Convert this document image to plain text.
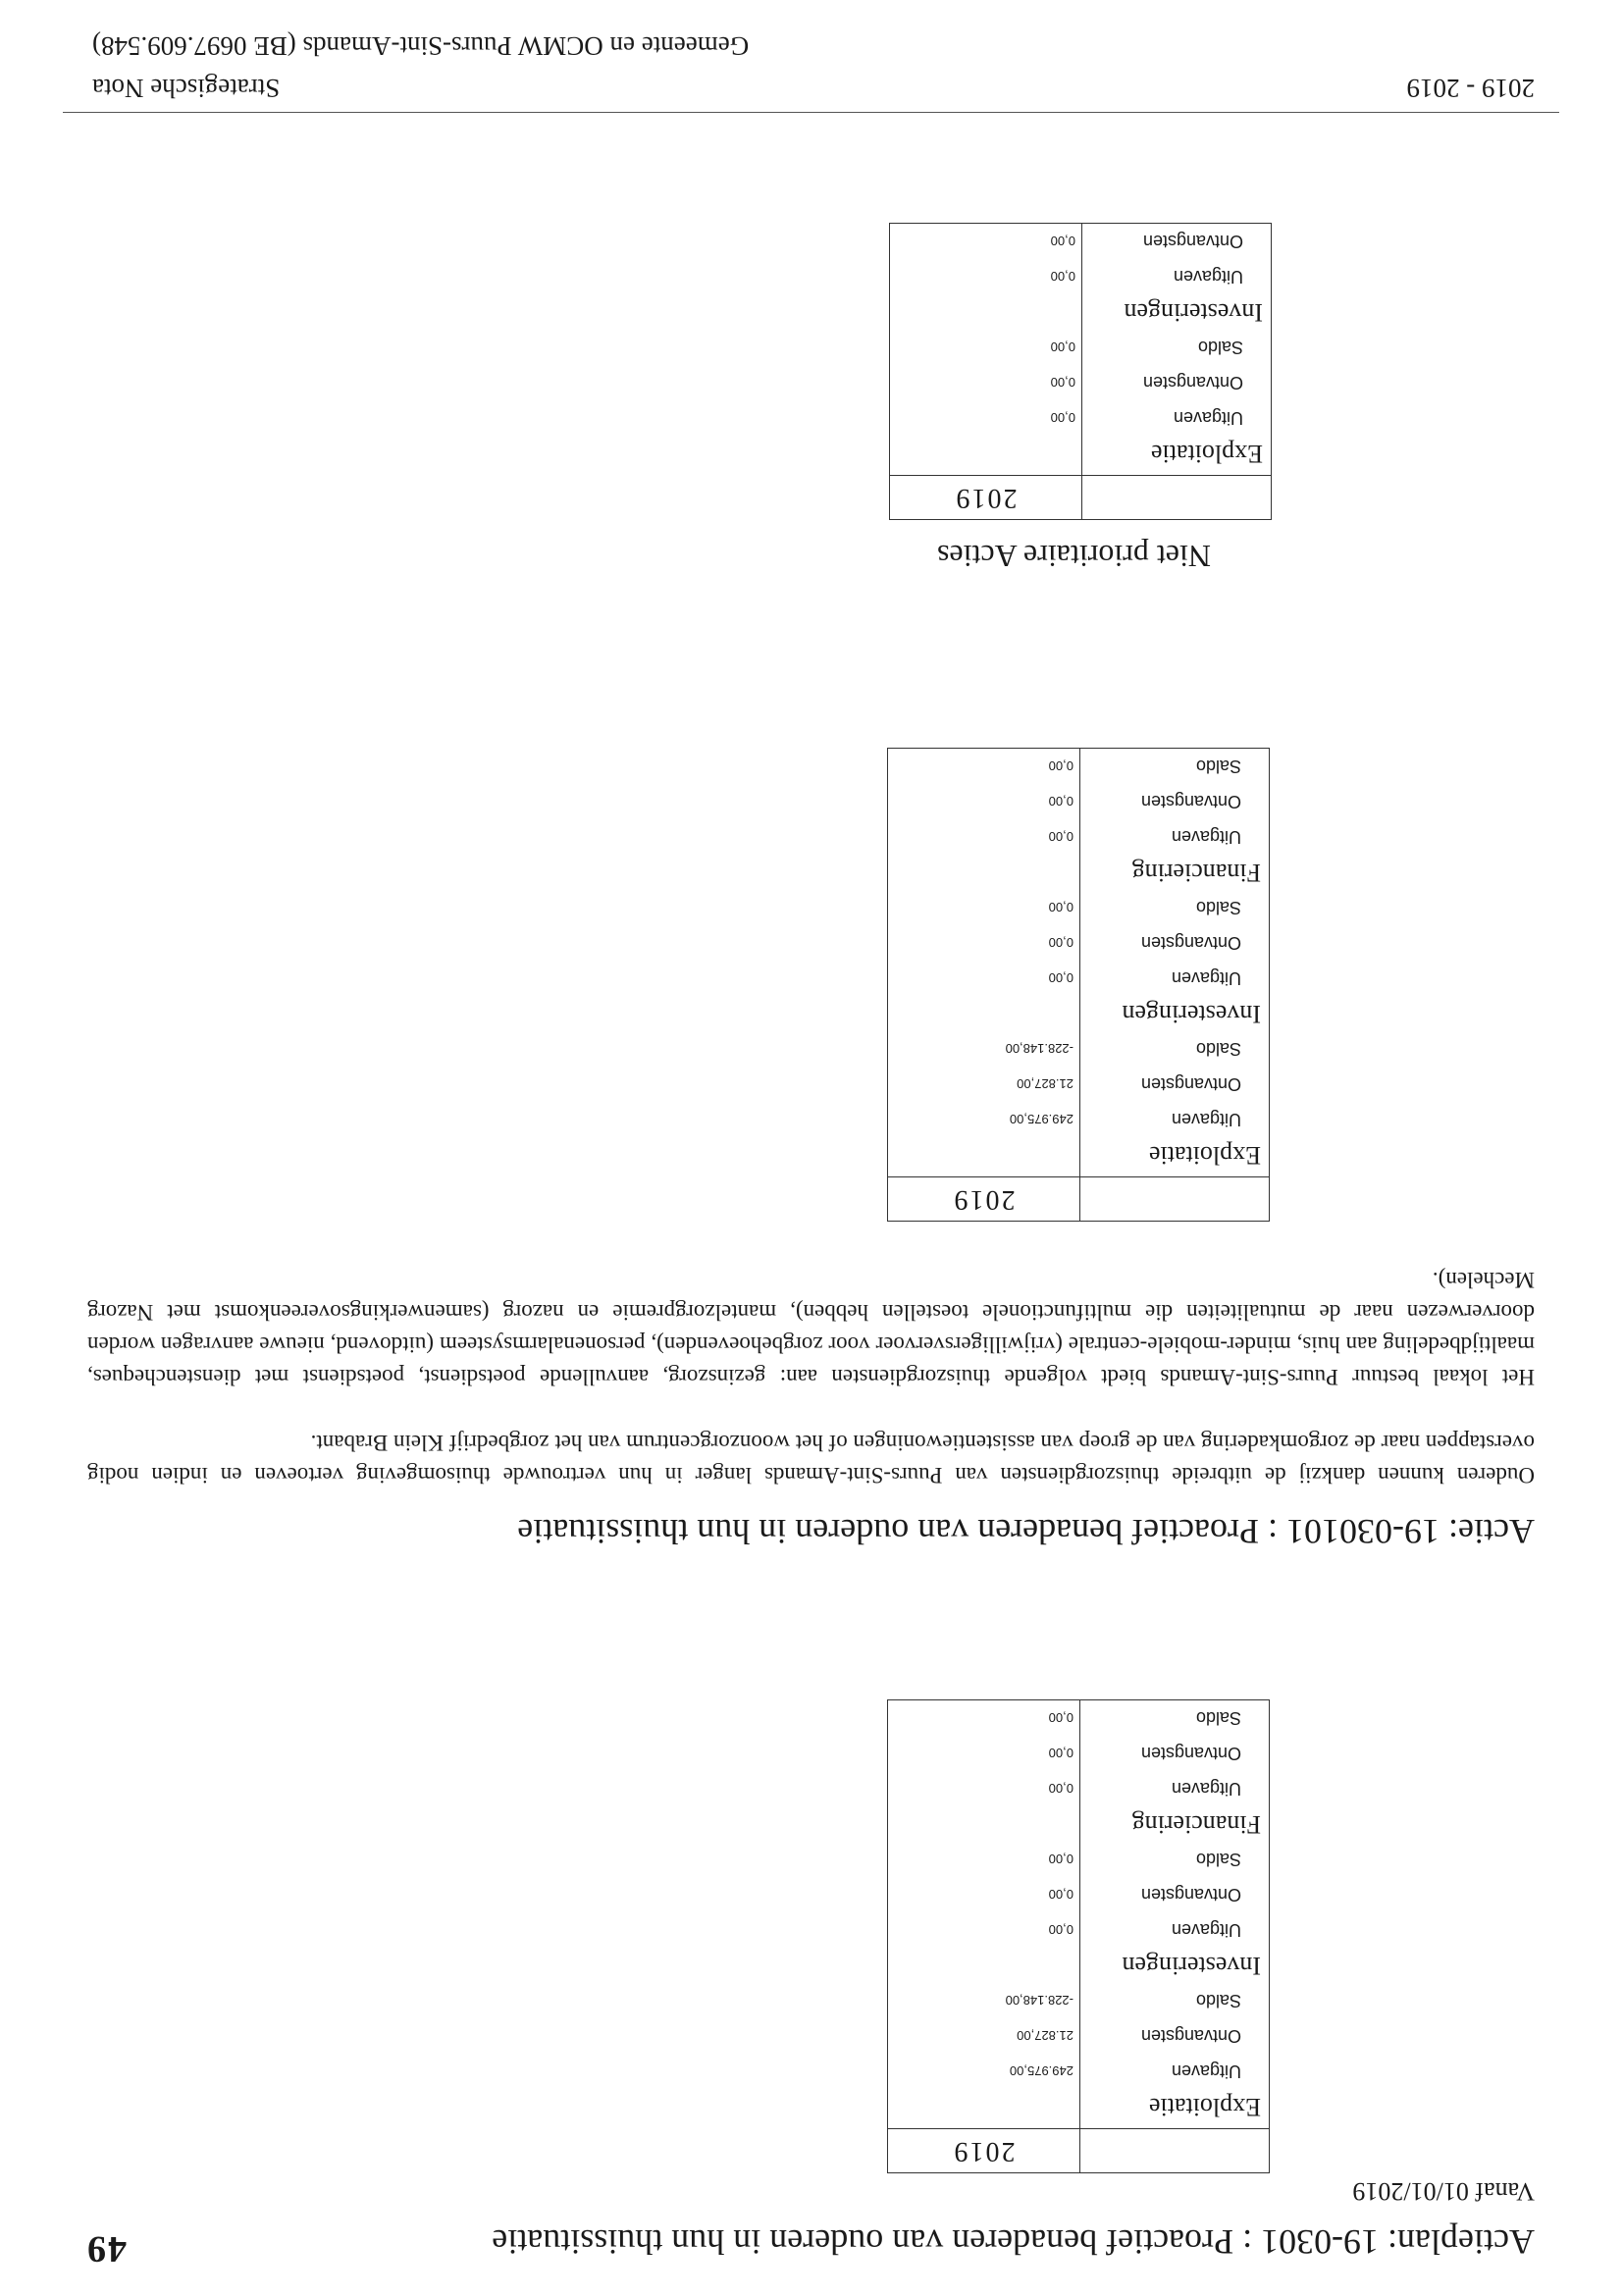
49	Actieplan: 19-0301 : Proactief benaderen van ouderen in hun thuissituatie
Vanaf 01/01/2019
2019
Exploitatie
Uitgaven
Ontvangsten
Saldo
Investeringen
Uitgaven
Ontvangsten
Saldo
Financiering
Uitgaven
Ontvangsten
Saldo
249.975,00
21.827,00
-228.148,00
0,00
0,00
0,00
0,00
0,00
0,00
Actie: 19-030101 : Proactief benaderen van ouderen in hun thuissituatie
Ouderen kunnen dankzij de uitbreide thuiszorgdiensten van Puurs-Sint-Amands langer in hun vertrouwde thuisomgeving vertoeven en indien nodig overstappen naar de zorgomkadering van de groep van assistentiewoningen of het woonzorgcentrum van het zorgbedrijf Klein Brabant.
Het lokaal bestuur Puurs-Sint-Amands biedt volgende thuiszorgdiensten aan: gezinszorg, aanvullende poetsdienst, poetsdienst met dienstencheques, maaltijdbedeling aan huis, minder-mobiele-centrale (vrijwilligersvervoer voor zorgbehoevenden), personenalarmsysteem (uitdovend, nieuwe aanvragen worden doorverwezen naar de mutualiteiten die multifunctionele toestellen hebben), mantelzorgpremie en nazorg (samenwerkingsovereenkomst met Nazorg Mechelen).
2019
Exploitatie
Uitgaven
Ontvangsten
Saldo
Investeringen
Uitgaven
Ontvangsten
Saldo
Financiering
Uitgaven
Ontvangsten
Saldo
249.975,00
21.827,00
-228.148,00
0,00
0,00
0,00
0,00
0,00
0,00
Niet prioritaire Acties
2019
Exploitatie
Uitgaven
Ontvangsten
Saldo
Investeringen
Uitgaven
Ontvangsten
0,00
0,00
0,00
0,00
0,00
2019 - 2019
Strategische Nota
Gemeente en OCMW Puurs-Sint-Amands (BE 0697.609.548)
